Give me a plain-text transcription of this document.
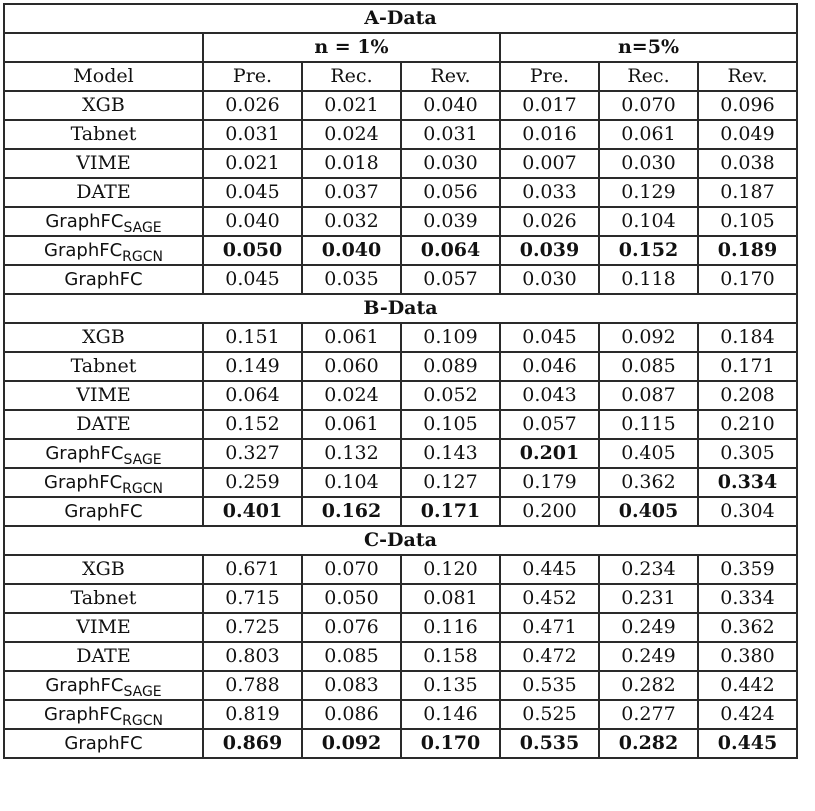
A-Data						
	n = 1%			n=5%		
Model	Pre.	Rec.	Rev.	Pre.	Rec.	Rev.
XGB	0.026	0.021	0.040	0.017	0.070	0.096
Tabnet	0.031	0.024	0.031	0.016	0.061	0.049
VIME	0.021	0.018	0.030	0.007	0.030	0.038
DATE	0.045	0.037	0.056	0.033	0.129	0.187
GraphFC$_{SAGE}$	0.040	0.032	0.039	0.026	0.104	0.105
GraphFC$_{RGCN}$	0.050	0.040	0.064	0.039	0.152	0.189
GraphFC	0.045	0.035	0.057	0.030	0.118	0.170
B-Data						
XGB	0.151	0.061	0.109	0.045	0.092	0.184
Tabnet	0.149	0.060	0.089	0.046	0.085	0.171
VIME	0.064	0.024	0.052	0.043	0.087	0.208
DATE	0.152	0.061	0.105	0.057	0.115	0.210
GraphFC$_{SAGE}$	0.327	0.132	0.143	0.201	0.405	0.305
GraphFC$_{RGCN}$	0.259	0.104	0.127	0.179	0.362	0.334
GraphFC	0.401	0.162	0.171	0.200	0.405	0.304
C-Data						
XGB	0.671	0.070	0.120	0.445	0.234	0.359
Tabnet	0.715	0.050	0.081	0.452	0.231	0.334
VIME	0.725	0.076	0.116	0.471	0.249	0.362
DATE	0.803	0.085	0.158	0.472	0.249	0.380
GraphFC$_{SAGE}$	0.788	0.083	0.135	0.535	0.282	0.442
GraphFC$_{RGCN}$	0.819	0.086	0.146	0.525	0.277	0.424
GraphFC	0.869	0.092	0.170	0.535	0.282	0.445
